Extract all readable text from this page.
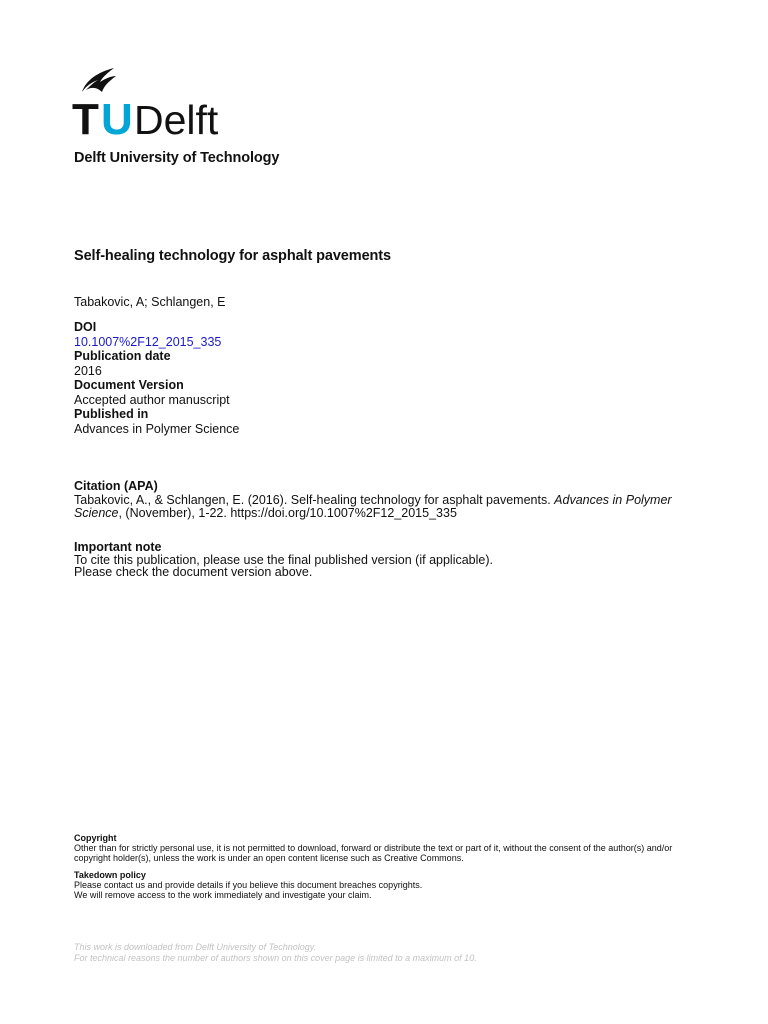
T U Delft
Delft University of Technology
Self-healing technology for asphalt pavements
Tabakovic, A; Schlangen, E
DOI
10.1007%2F12_2015_335
Publication date
2016
Document Version
Accepted author manuscript
Published in
Advances in Polymer Science
Citation (APA)
Tabakovic, A., & Schlangen, E. (2016). Self-healing technology for asphalt pavements. Advances in Polymer Science, (November), 1-22. https://doi.org/10.1007%2F12_2015_335
Important note
To cite this publication, please use the final published version (if applicable).
Please check the document version above.
Copyright
Other than for strictly personal use, it is not permitted to download, forward or distribute the text or part of it, without the consent of the author(s) and/or copyright holder(s), unless the work is under an open content license such as Creative Commons.
Takedown policy
Please contact us and provide details if you believe this document breaches copyrights.
We will remove access to the work immediately and investigate your claim.
This work is downloaded from Delft University of Technology.
For technical reasons the number of authors shown on this cover page is limited to a maximum of 10.
